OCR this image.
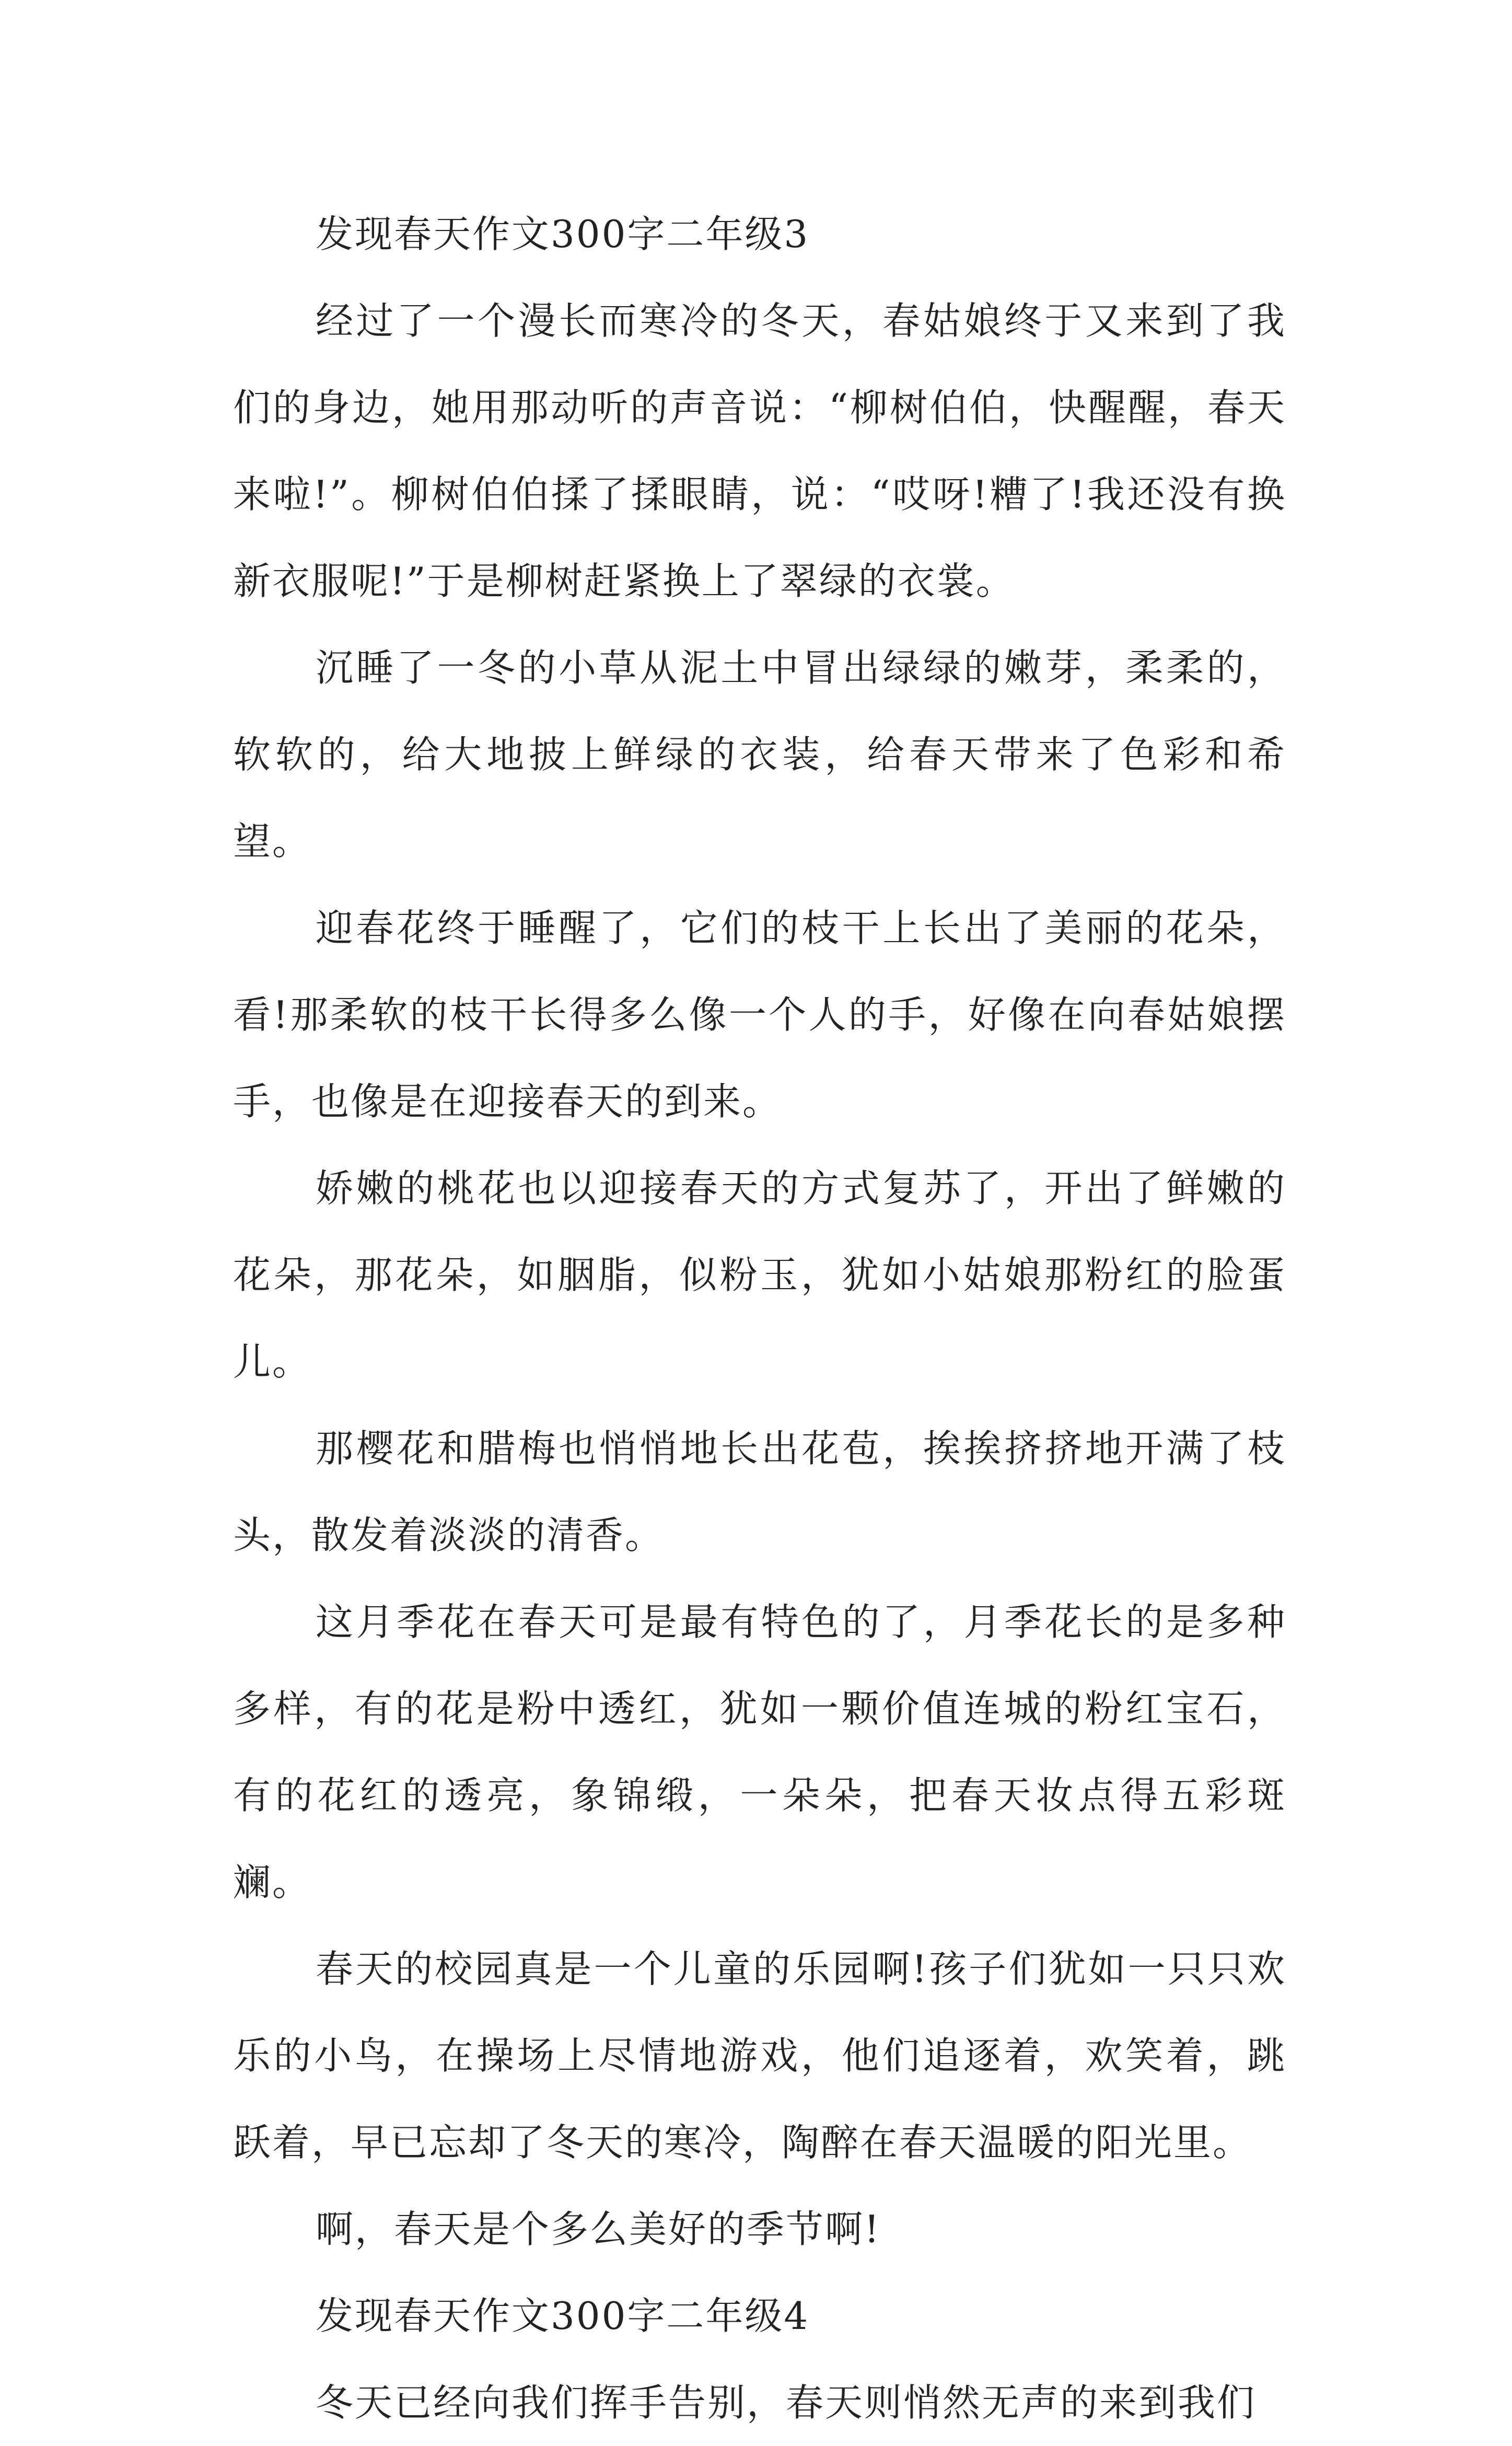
发现春天作文300字二年级3

经过了一个漫长而寒冷的冬天，春姑娘终于又来到了我们的身边，她用那动听的声音说：“柳树伯伯，快醒醒，春天来啦!”。柳树伯伯揉了揉眼睛，说：“哎呀!糟了!我还没有换新衣服呢!”于是柳树赶紧换上了翠绿的衣裳。

沉睡了一冬的小草从泥土中冒出绿绿的嫩芽，柔柔的，软软的，给大地披上鲜绿的衣装，给春天带来了色彩和希望。

迎春花终于睡醒了，它们的枝干上长出了美丽的花朵，看!那柔软的枝干长得多么像一个人的手，好像在向春姑娘摆手，也像是在迎接春天的到来。

娇嫩的桃花也以迎接春天的方式复苏了，开出了鲜嫩的花朵，那花朵，如胭脂，似粉玉，犹如小姑娘那粉红的脸蛋儿。

那樱花和腊梅也悄悄地长出花苞，挨挨挤挤地开满了枝头，散发着淡淡的清香。

这月季花在春天可是最有特色的了，月季花长的是多种多样，有的花是粉中透红，犹如一颗价值连城的粉红宝石，有的花红的透亮，象锦缎，一朵朵，把春天妆点得五彩斑斓。

春天的校园真是一个儿童的乐园啊!孩子们犹如一只只欢乐的小鸟，在操场上尽情地游戏，他们追逐着，欢笑着，跳跃着，早已忘却了冬天的寒冷，陶醉在春天温暖的阳光里。

啊，春天是个多么美好的季节啊!

发现春天作文300字二年级4

冬天已经向我们挥手告别，春天则悄然无声的来到我们
